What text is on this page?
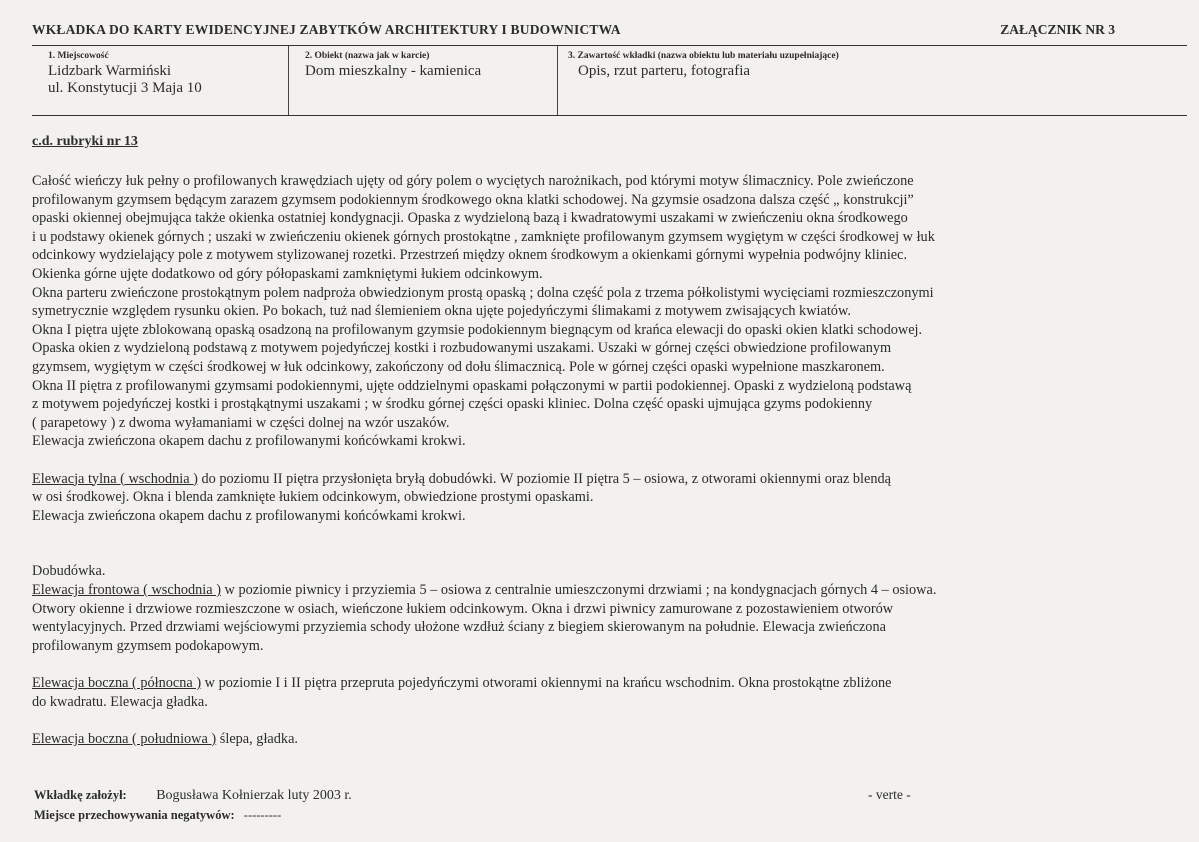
WKŁADKA DO KARTY EWIDENCYJNEJ ZABYTKÓW ARCHITEKTURY I BUDOWNICTWA	ZAŁĄCZNIK NR 3
1. Miejscowość
Lidzbark Warmiński
ul. Konstytucji 3 Maja 10
2. Obiekt (nazwa jak w karcie)
Dom mieszkalny - kamienica
3. Zawartość wkładki (nazwa obiektu lub materiału uzupełniające)
Opis, rzut parteru, fotografia
c.d. rubryki nr 13
Całość wieńczy łuk pełny o profilowanych krawędziach ujęty od góry polem o wyciętych narożnikach, pod którymi motyw ślimacznicy. Pole zwieńczone
profilowanym gzymsem będącym zarazem gzymsem podokiennym środkowego okna klatki schodowej. Na gzymsie osadzona dalsza część „ konstrukcji”
opaski okiennej obejmująca także okienka ostatniej kondygnacji. Opaska z wydzieloną bazą i kwadratowymi uszakami w zwieńczeniu okna środkowego
i u podstawy okienek górnych ; uszaki w zwieńczeniu okienek górnych prostokątne , zamknięte profilowanym gzymsem wygiętym w części środkowej w łuk
odcinkowy wydzielający pole z motywem stylizowanej rozetki. Przestrzeń między oknem środkowym a okienkami górnymi wypełnia podwójny kliniec.
Okienka górne ujęte dodatkowo od góry półopaskami zamkniętymi łukiem odcinkowym.
Okna parteru zwieńczone prostokątnym polem nadproża obwiedzionym prostą opaską ; dolna część pola z trzema półkolistymi wycięciami rozmieszczonymi
symetrycznie względem rysunku okien. Po bokach, tuż nad ślemieniem okna ujęte pojedyńczymi ślimakami z motywem zwisających kwiatów.
Okna I piętra ujęte zblokowaną opaską osadzoną na profilowanym gzymsie podokiennym biegnącym od krańca elewacji do opaski okien klatki schodowej.
Opaska okien z wydzieloną podstawą z motywem pojedyńczej kostki i rozbudowanymi uszakami. Uszaki w górnej części obwiedzione profilowanym
gzymsem, wygiętym w części środkowej w łuk odcinkowy, zakończony od dołu ślimacznicą. Pole w górnej części opaski wypełnione maszkaronem.
Okna II piętra z profilowanymi gzymsami podokiennymi, ujęte oddzielnymi opaskami połączonymi w partii podokiennej. Opaski z wydzieloną podstawą
z motywem pojedyńczej kostki i prostąkątnymi uszakami ; w środku górnej części opaski kliniec. Dolna część opaski ujmująca gzyms podokienny
( parapetowy ) z dwoma wyłamaniami w części dolnej na wzór uszaków.
Elewacja zwieńczona okapem dachu z profilowanymi końcówkami krokwi.
Elewacja tylna ( wschodnia ) do poziomu II piętra przysłonięta bryłą dobudówki. W poziomie II piętra 5 – osiowa, z otworami okiennymi oraz blendą
w osi środkowej. Okna i blenda zamknięte łukiem odcinkowym, obwiedzione prostymi opaskami.
Elewacja zwieńczona okapem dachu z profilowanymi końcówkami krokwi.
Dobudówka.
Elewacja frontowa ( wschodnia ) w poziomie piwnicy i przyziemia 5 – osiowa z centralnie umieszczonymi drzwiami ; na kondygnacjach górnych 4 – osiowa.
Otwory okienne i drzwiowe rozmieszczone w osiach, wieńczone łukiem odcinkowym. Okna i drzwi piwnicy zamurowane z pozostawieniem otworów
wentylacyjnych. Przed drzwiami wejściowymi przyziemia schody ułożone wzdłuż ściany z biegiem skierowanym na południe. Elewacja zwieńczona
profilowanym gzymsem podokapowym.
Elewacja boczna ( północna ) w poziomie I i II piętra przepruta pojedyńczymi otworami okiennymi na krańcu wschodnim. Okna prostokątne zbliżone
do kwadratu. Elewacja gładka.
Elewacja boczna ( południowa ) ślepa, gładka.
Wkładkę założył: Bogusława Kołnierzak luty 2003 r.	- verte -
Miejsce przechowywania negatywów: ---------
